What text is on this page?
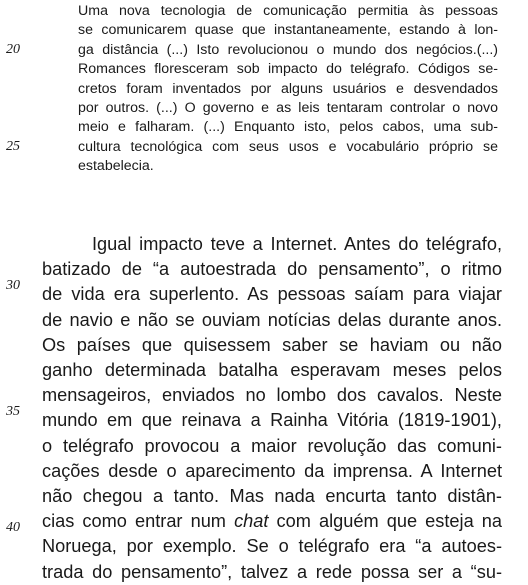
20
25
30
35
40
Uma nova tecnologia de comunicação permitia às pessoas
se comunicarem quase que instantaneamente, estando à lon-
ga distância (...) Isto revolucionou o mundo dos negócios.(...)
Romances floresceram sob impacto do telégrafo. Códigos se-
cretos foram inventados por alguns usuários e desvendados
por outros. (...) O governo e as leis tentaram controlar o novo
meio e falharam. (...) Enquanto isto, pelos cabos, uma sub-
cultura tecnológica com seus usos e vocabulário próprio se
estabelecia.
Igual impacto teve a Internet. Antes do telégrafo,
batizado de “a autoestrada do pensamento”, o ritmo
de vida era superlento. As pessoas saíam para viajar
de navio e não se ouviam notícias delas durante anos.
Os países que quisessem saber se haviam ou não
ganho determinada batalha esperavam meses pelos
mensageiros, enviados no lombo dos cavalos. Neste
mundo em que reinava a Rainha Vitória (1819-1901),
o telégrafo provocou a maior revolução das comuni-
cações desde o aparecimento da imprensa. A Internet
não chegou a tanto. Mas nada encurta tanto distân-
cias como entrar num chat com alguém que esteja na
Noruega, por exemplo. Se o telégrafo era “a autoes-
trada do pensamento”, talvez a rede possa ser a “su-
